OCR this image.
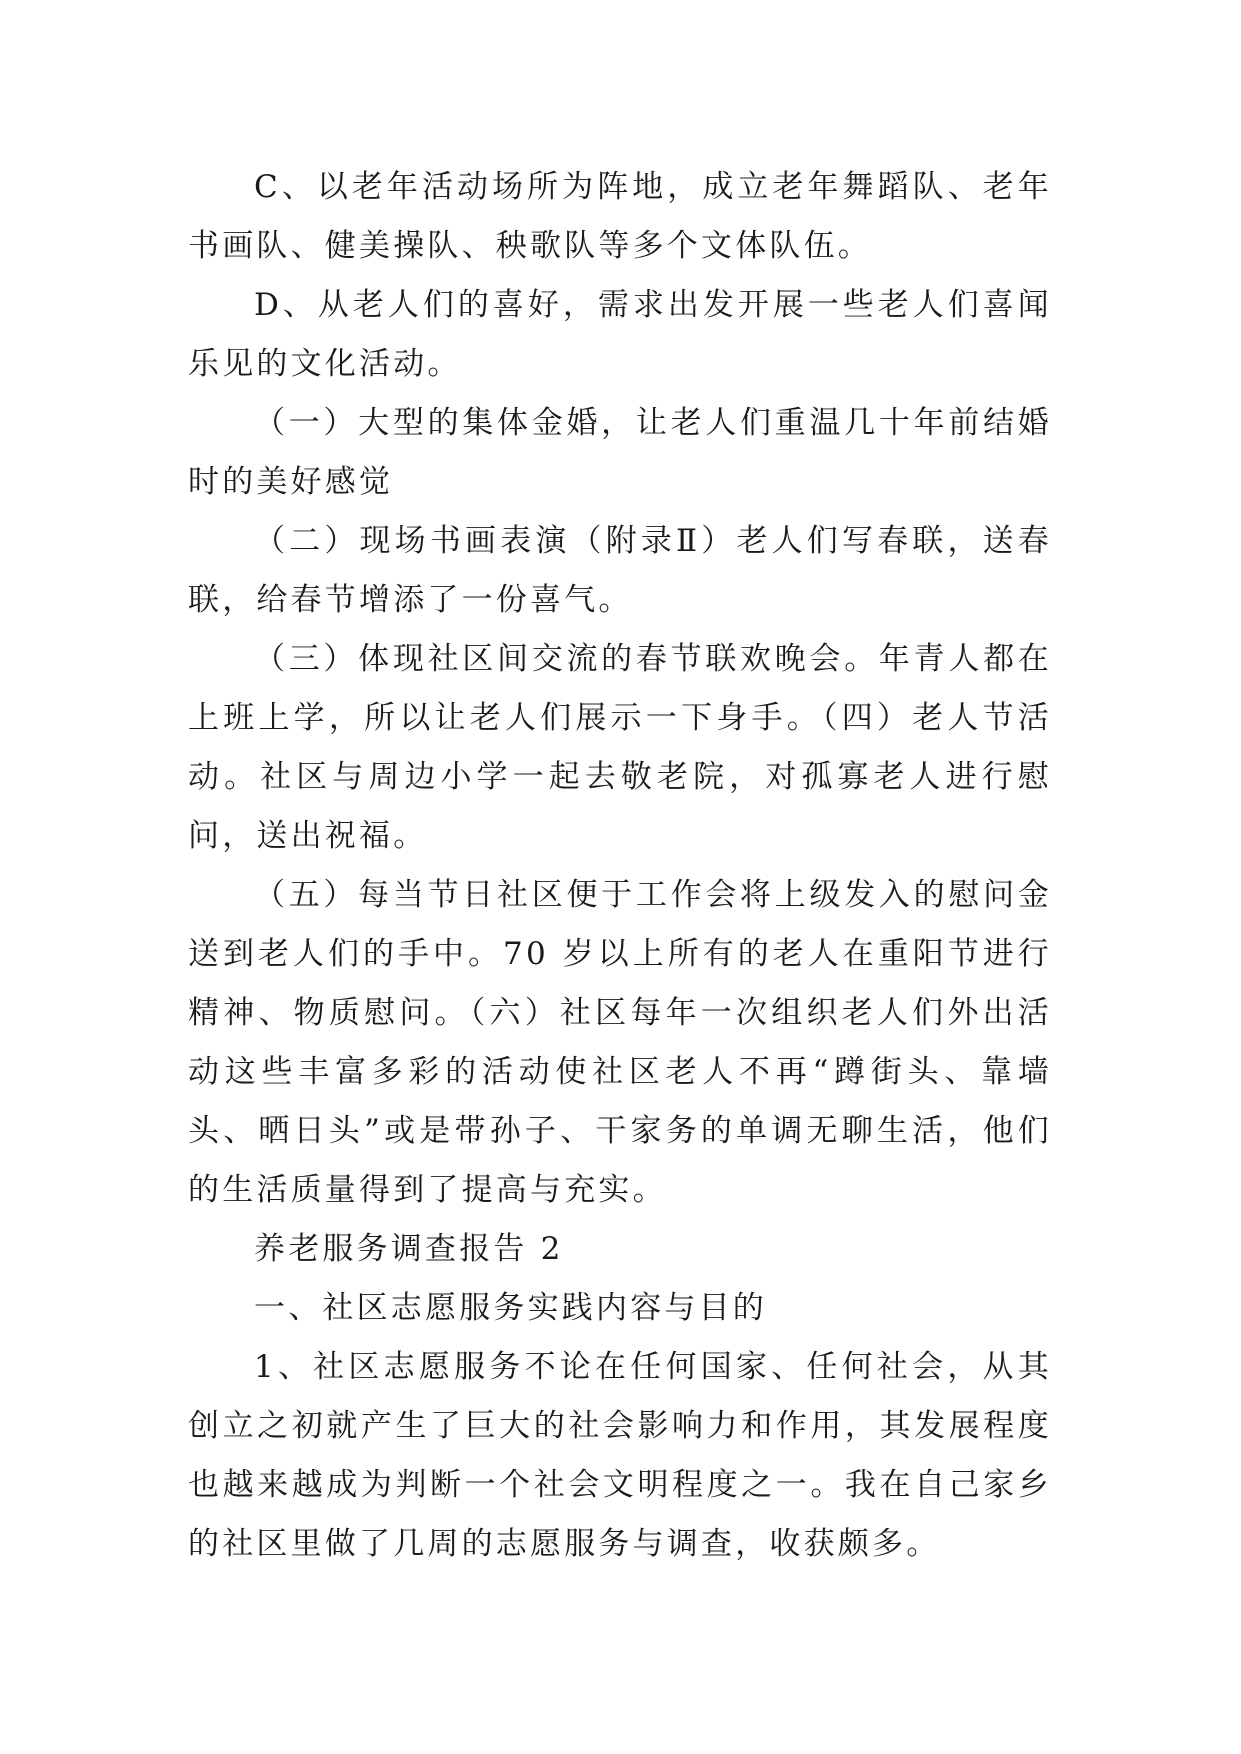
C、以老年活动场所为阵地，成立老年舞蹈队、老年书画队、健美操队、秧歌队等多个文体队伍。

D、从老人们的喜好，需求出发开展一些老人们喜闻乐见的文化活动。

（一）大型的集体金婚，让老人们重温几十年前结婚时的美好感觉

（二）现场书画表演（附录Ⅱ）老人们写春联，送春联，给春节增添了一份喜气。

（三）体现社区间交流的春节联欢晚会。年青人都在上班上学，所以让老人们展示一下身手。（四）老人节活动。社区与周边小学一起去敬老院，对孤寡老人进行慰问，送出祝福。

（五）每当节日社区便于工作会将上级发入的慰问金送到老人们的手中。70 岁以上所有的老人在重阳节进行精神、物质慰问。（六）社区每年一次组织老人们外出活动这些丰富多彩的活动使社区老人不再“蹲街头、靠墙头、晒日头”或是带孙子、干家务的单调无聊生活，他们的生活质量得到了提高与充实。

养老服务调查报告 2

一、社区志愿服务实践内容与目的

1、社区志愿服务不论在任何国家、任何社会，从其创立之初就产生了巨大的社会影响力和作用，其发展程度也越来越成为判断一个社会文明程度之一。我在自己家乡的社区里做了几周的志愿服务与调查，收获颇多。
